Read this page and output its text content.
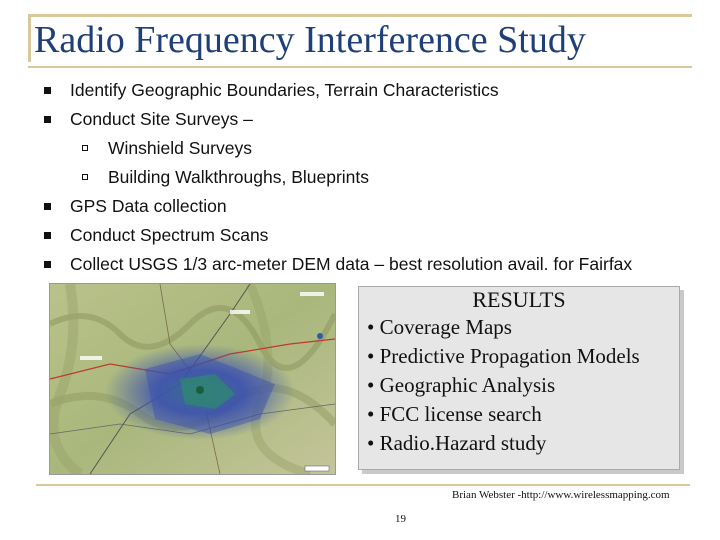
Radio Frequency Interference Study
Identify Geographic Boundaries, Terrain Characteristics
Conduct Site Surveys –
Winshield Surveys
Building Walkthroughs, Blueprints
GPS Data collection
Conduct Spectrum Scans
Collect USGS 1/3 arc-meter DEM data – best resolution avail. for Fairfax
RESULTS
• Coverage Maps
• Predictive Propagation Models
• Geographic Analysis
• FCC license search
• Radio.Hazard study
Brian Webster -http://www.wirelessmapping.com
19
